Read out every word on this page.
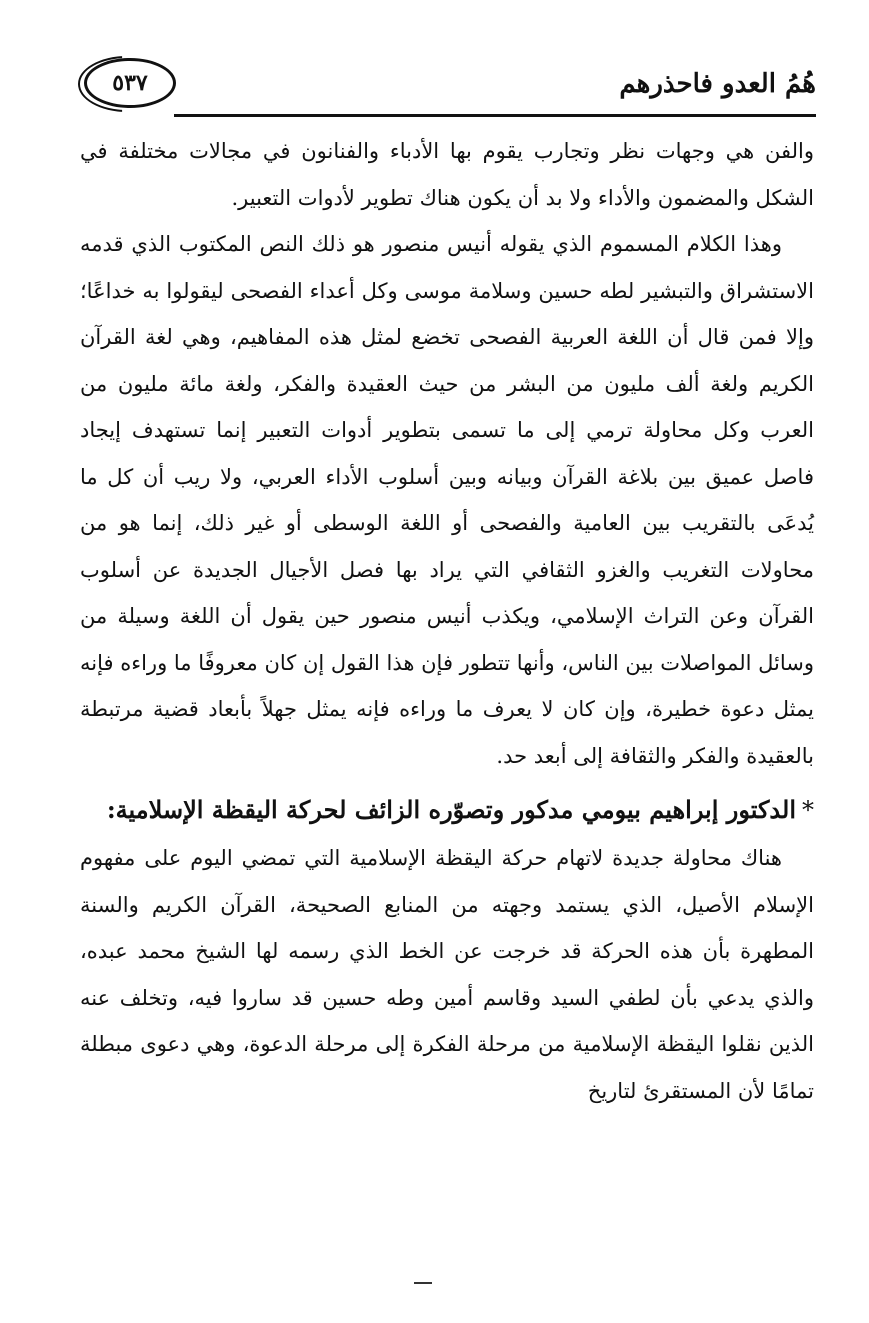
هُمُ العدو فاحذرهم
٥٣٧

والفن هي وجهات نظر وتجارب يقوم بها الأدباء والفنانون في مجالات مختلفة في الشكل والمضمون والأداء ولا بد أن يكون هناك تطوير لأدوات التعبير.

وهذا الكلام المسموم الذي يقوله أنيس منصور هو ذلك النص المكتوب الذي قدمه الاستشراق والتبشير لطه حسين وسلامة موسى وكل أعداء الفصحى ليقولوا به خداعًا؛ وإلا فمن قال أن اللغة العربية الفصحى تخضع لمثل هذه المفاهيم، وهي لغة القرآن الكريم ولغة ألف مليون من البشر من حيث العقيدة والفكر، ولغة مائة مليون من العرب وكل محاولة ترمي إلى ما تسمى بتطوير أدوات التعبير إنما تستهدف إيجاد فاصل عميق بين بلاغة القرآن وبيانه وبين أسلوب الأداء العربي، ولا ريب أن كل ما يُدعَى بالتقريب بين العامية والفصحى أو اللغة الوسطى أو غير ذلك، إنما هو من محاولات التغريب والغزو الثقافي التي يراد بها فصل الأجيال الجديدة عن أسلوب القرآن وعن التراث الإسلامي، ويكذب أنيس منصور حين يقول أن اللغة وسيلة من وسائل المواصلات بين الناس، وأنها تتطور فإن هذا القول إن كان معروفًا ما وراءه فإنه يمثل دعوة خطيرة، وإن كان لا يعرف ما وراءه فإنه يمثل جهلاً بأبعاد قضية مرتبطة بالعقيدة والفكر والثقافة إلى أبعد حد.

*الدكتور إبراهيم بيومي مدكور وتصوّره الزائف لحركة اليقظة الإسلامية:

هناك محاولة جديدة لاتهام حركة اليقظة الإسلامية التي تمضي اليوم على مفهوم الإسلام الأصيل، الذي يستمد وجهته من المنابع الصحيحة، القرآن الكريم والسنة المطهرة بأن هذه الحركة قد خرجت عن الخط الذي رسمه لها الشيخ محمد عبده، والذي يدعي بأن لطفي السيد وقاسم أمين وطه حسين قد ساروا فيه، وتخلف عنه الذين نقلوا اليقظة الإسلامية من مرحلة الفكرة إلى مرحلة الدعوة، وهي دعوى مبطلة تمامًا لأن المستقرئ لتاريخ
